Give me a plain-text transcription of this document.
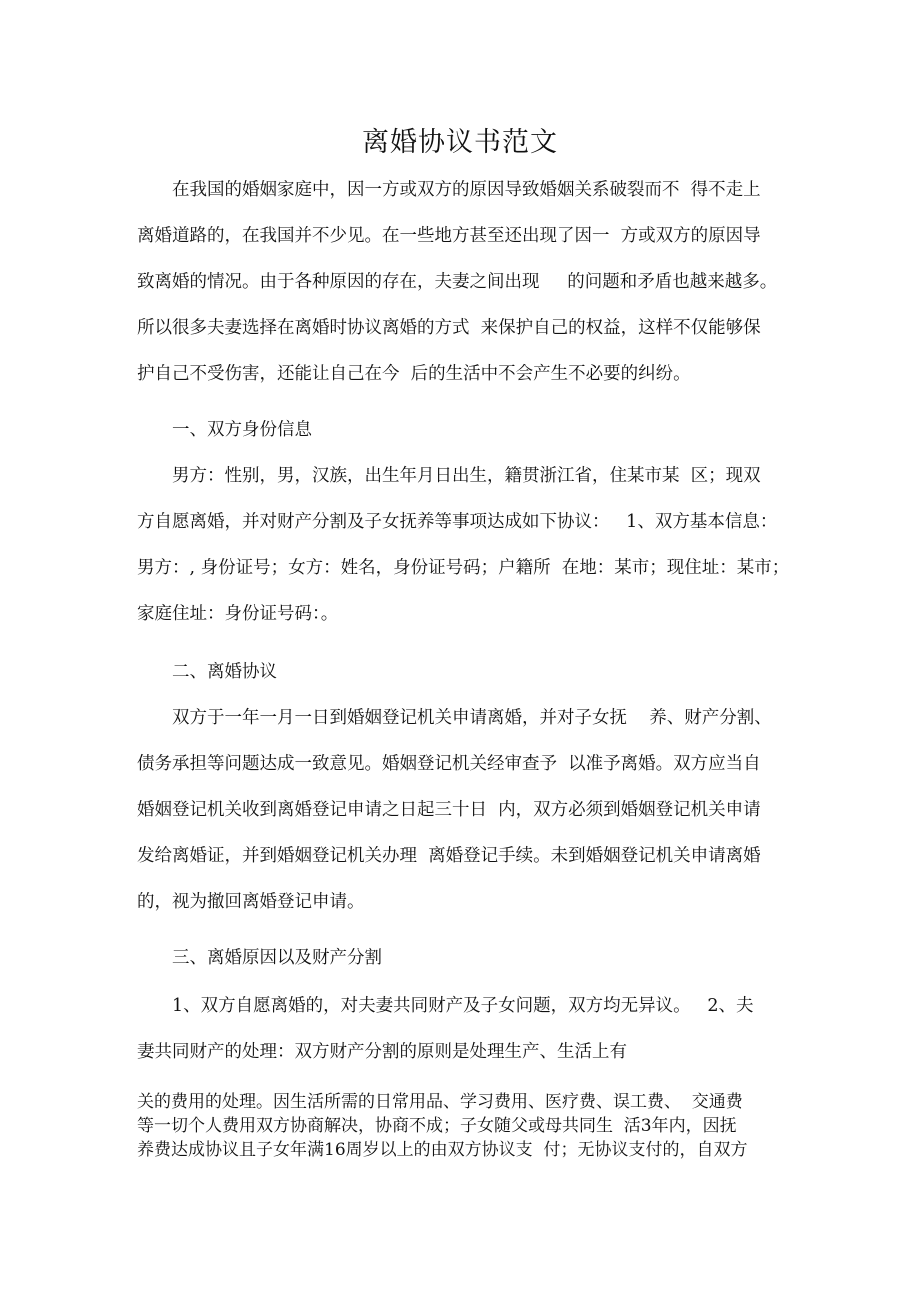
离婚协议书范文
　　在我国的婚姻家庭中，因一方或双方的原因导致婚姻关系破裂而不  得不走上
离婚道路的，在我国并不少见。在一些地方甚至还出现了因一  方或双方的原因导
致离婚的情况。由于各种原因的存在，夫妻之间出现     的问题和矛盾也越来越多。
所以很多夫妻选择在离婚时协议离婚的方式  来保护自己的权益，这样不仅能够保
护自己不受伤害，还能让自己在今  后的生活中不会产生不必要的纠纷。
　　一、双方身份信息
　　男方：性别，男，汉族，出生年月日出生，籍贯浙江省，住某市某  区；现双
方自愿离婚，并对财产分割及子女抚养等事项达成如下协议：   1、双方基本信息：
男方：, 身份证号；女方：姓名，身份证号码；户籍所  在地：某市；现住址：某市；
家庭住址：身份证号码：。
　　二、离婚协议
　　双方于一年一月一日到婚姻登记机关申请离婚，并对子女抚    养、财产分割、
债务承担等问题达成一致意见。婚姻登记机关经审查予  以准予离婚。双方应当自
婚姻登记机关收到离婚登记申请之日起三十日  内，双方必须到婚姻登记机关申请
发给离婚证，并到婚姻登记机关办理  离婚登记手续。未到婚姻登记机关申请离婚
的，视为撤回离婚登记申请。
　　三、离婚原因以及财产分割
　　1、双方自愿离婚的，对夫妻共同财产及子女问题，双方均无异议。   2、夫
妻共同财产的处理：双方财产分割的原则是处理生产、生活上有
关的费用的处理。因生活所需的日常用品、学习费用、医疗费、误工费、  交通费
等一切个人费用双方协商解决，协商不成；子女随父或母共同生  活3年内，因抚
养费达成协议且子女年满16周岁以上的由双方协议支  付；无协议支付的，自双方
